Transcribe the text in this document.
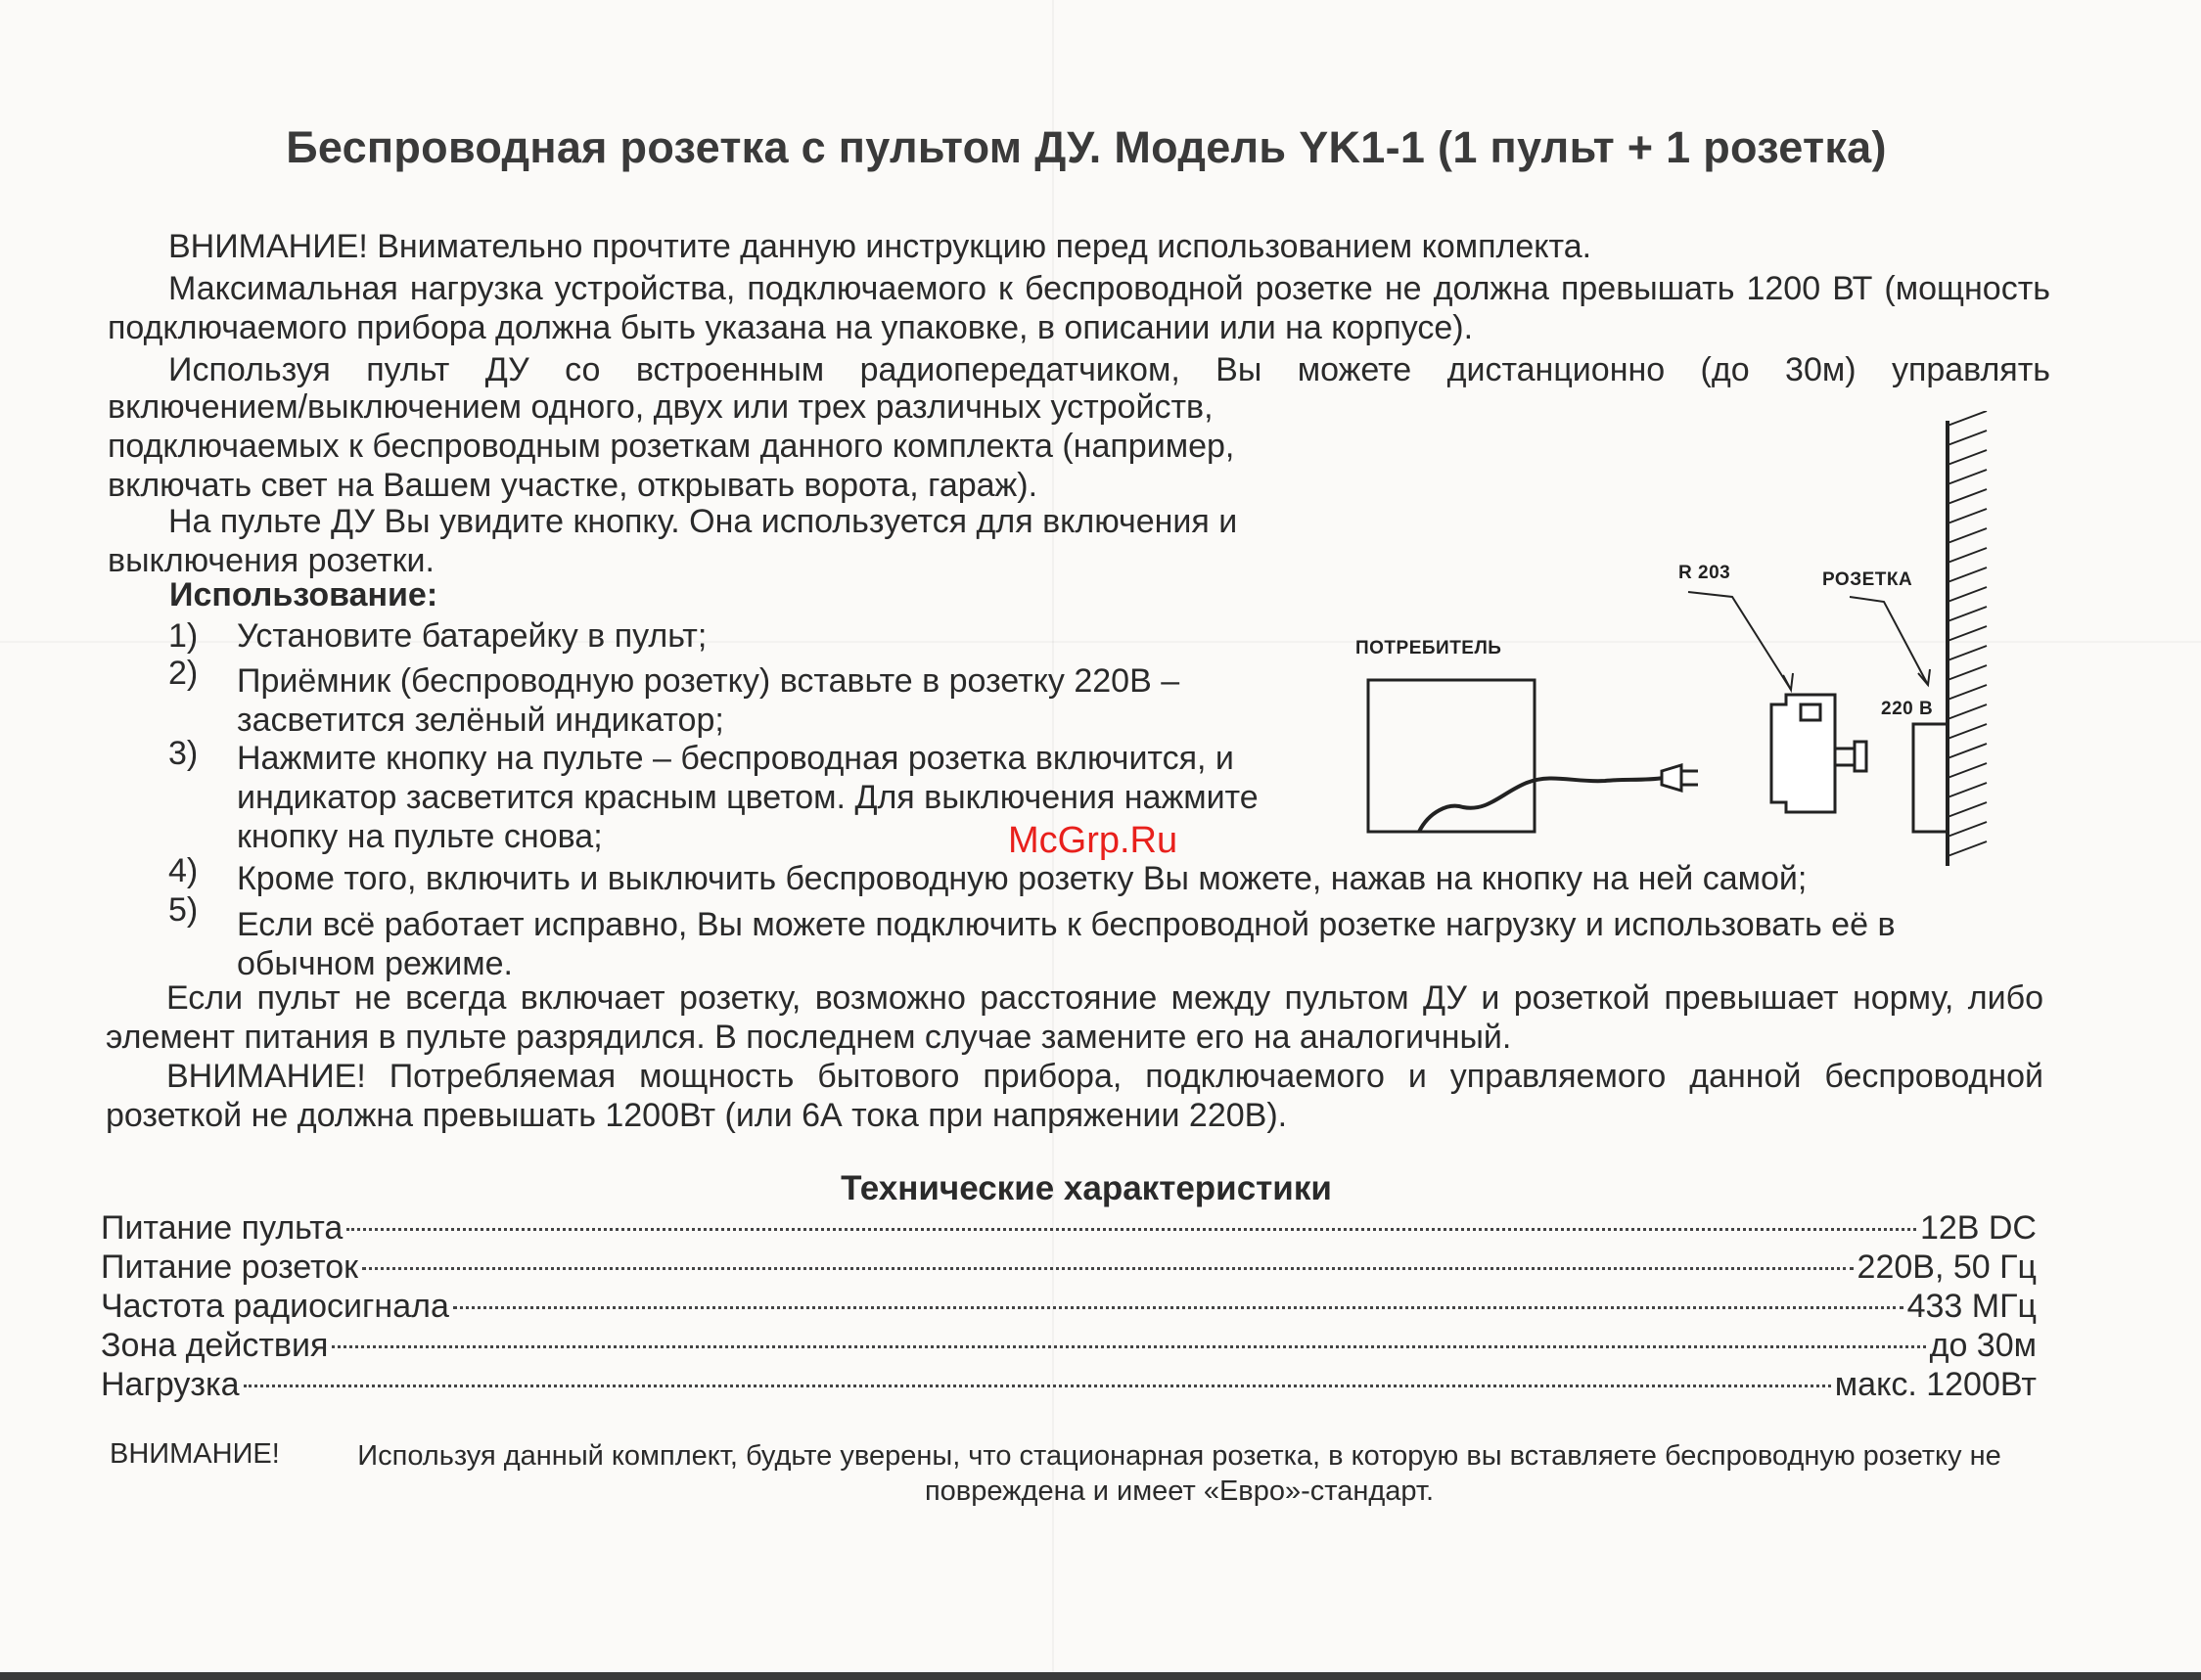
Беспроводная розетка с пультом ДУ. Модель YK1-1 (1 пульт + 1 розетка)
ВНИМАНИЕ! Внимательно прочтите данную инструкцию перед использованием комплекта.
Максимальная нагрузка устройства, подключаемого к беспроводной розетке не должна превышать 1200 ВТ (мощность подключаемого прибора должна быть указана на упаковке, в описании или на корпусе).
Используя пульт ДУ со встроенным радиопередатчиком, Вы можете дистанционно (до 30м) управлять
включением/выключением одного, двух или трех различных устройств, подключаемых к беспроводным розеткам данного комплекта (например, включать свет на Вашем участке, открывать ворота, гараж).
На пульте ДУ Вы увидите кнопку. Она используется для включения и выключения розетки.
Использование:
1) Установите батарейку в пульт;
2) Приёмник (беспроводную розетку) вставьте в розетку 220В – засветится зелёный индикатор;
3) Нажмите кнопку на пульте – беспроводная розетка включится, и индикатор засветится красным цветом. Для выключения нажмите кнопку на пульте снова;
4) Кроме того, включить и выключить беспроводную розетку Вы можете, нажав на кнопку на ней самой;
5) Если всё работает исправно, Вы можете подключить к беспроводной розетке нагрузку и использовать её в обычном режиме.
Если пульт не всегда включает розетку, возможно расстояние между пультом ДУ и розеткой превышает норму, либо элемент питания в пульте разрядился. В последнем случае замените его на аналогичный.
ВНИМАНИЕ! Потребляемая мощность бытового прибора, подключаемого и управляемого данной беспроводной розеткой не должна превышать 1200Вт (или 6А тока при напряжении 220В).
Технические характеристики
Питание пульта	12В DC
Питание розеток	220В, 50 Гц
Частота радиосигнала	433 МГц
Зона действия	до 30м
Нагрузка	макс. 1200Вт
ВНИМАНИЕ!	Используя данный комплект, будьте уверены, что стационарная розетка, в которую вы вставляете беспроводную розетку не повреждена и имеет «Евро»-стандарт.
ПОТРЕБИТЕЛЬ
R 203	РОЗЕТКА
220 В
McGrp.Ru
